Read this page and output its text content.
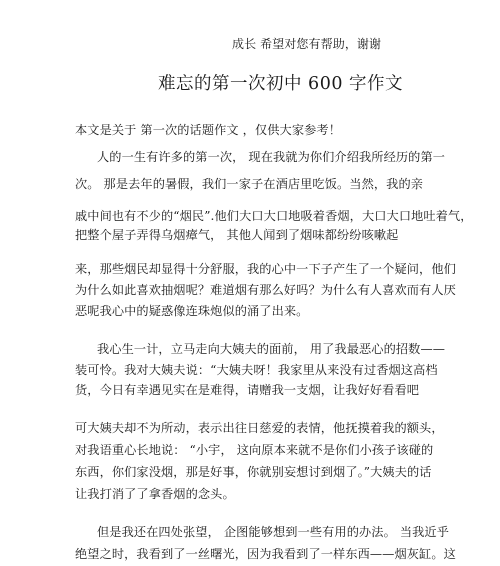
成长 希望对您有帮助，谢谢
难忘的第一次初中 600 字作文
本文是关于 第一次的话题作文 ，仅供大家参考！
人的一生有许多的第一次， 现在我就为你们介绍我所经历的第一
次。 那是去年的暑假，我们一家子在酒店里吃饭。当然，我的亲
戚中间也有不少的“烟民”.他们大口大口地吸着香烟，大口大口地吐着气，
把整个屋子弄得乌烟瘴气， 其他人闻到了烟味都纷纷咳嗽起
来，那些烟民却显得十分舒服，我的心中一下子产生了一个疑问，他们
为什么如此喜欢抽烟呢？难道烟有那么好吗？为什么有人喜欢而有人厌
恶呢我心中的疑惑像连珠炮似的涌了出来。
我心生一计，立马走向大姨夫的面前， 用了我最恶心的招数——
装可怜。我对大姨夫说：“大姨夫呀！我家里从来没有过香烟这高档
货，今日有幸遇见实在是难得，请赠我一支烟，让我好好看看吧
可大姨夫却不为所动，表示出往日慈爱的表情，他抚摸着我的额头，
对我语重心长地说： “小宇， 这向原本来就不是你们小孩子该碰的
东西，你们家没烟，那是好事，你就别妄想讨到烟了。”大姨夫的话
让我打消了了拿香烟的念头。
但是我还在四处张望， 企图能够想到一些有用的办法。 当我近乎
绝望之时，我看到了一丝曙光，因为我看到了一样东西——烟灰缸。这
